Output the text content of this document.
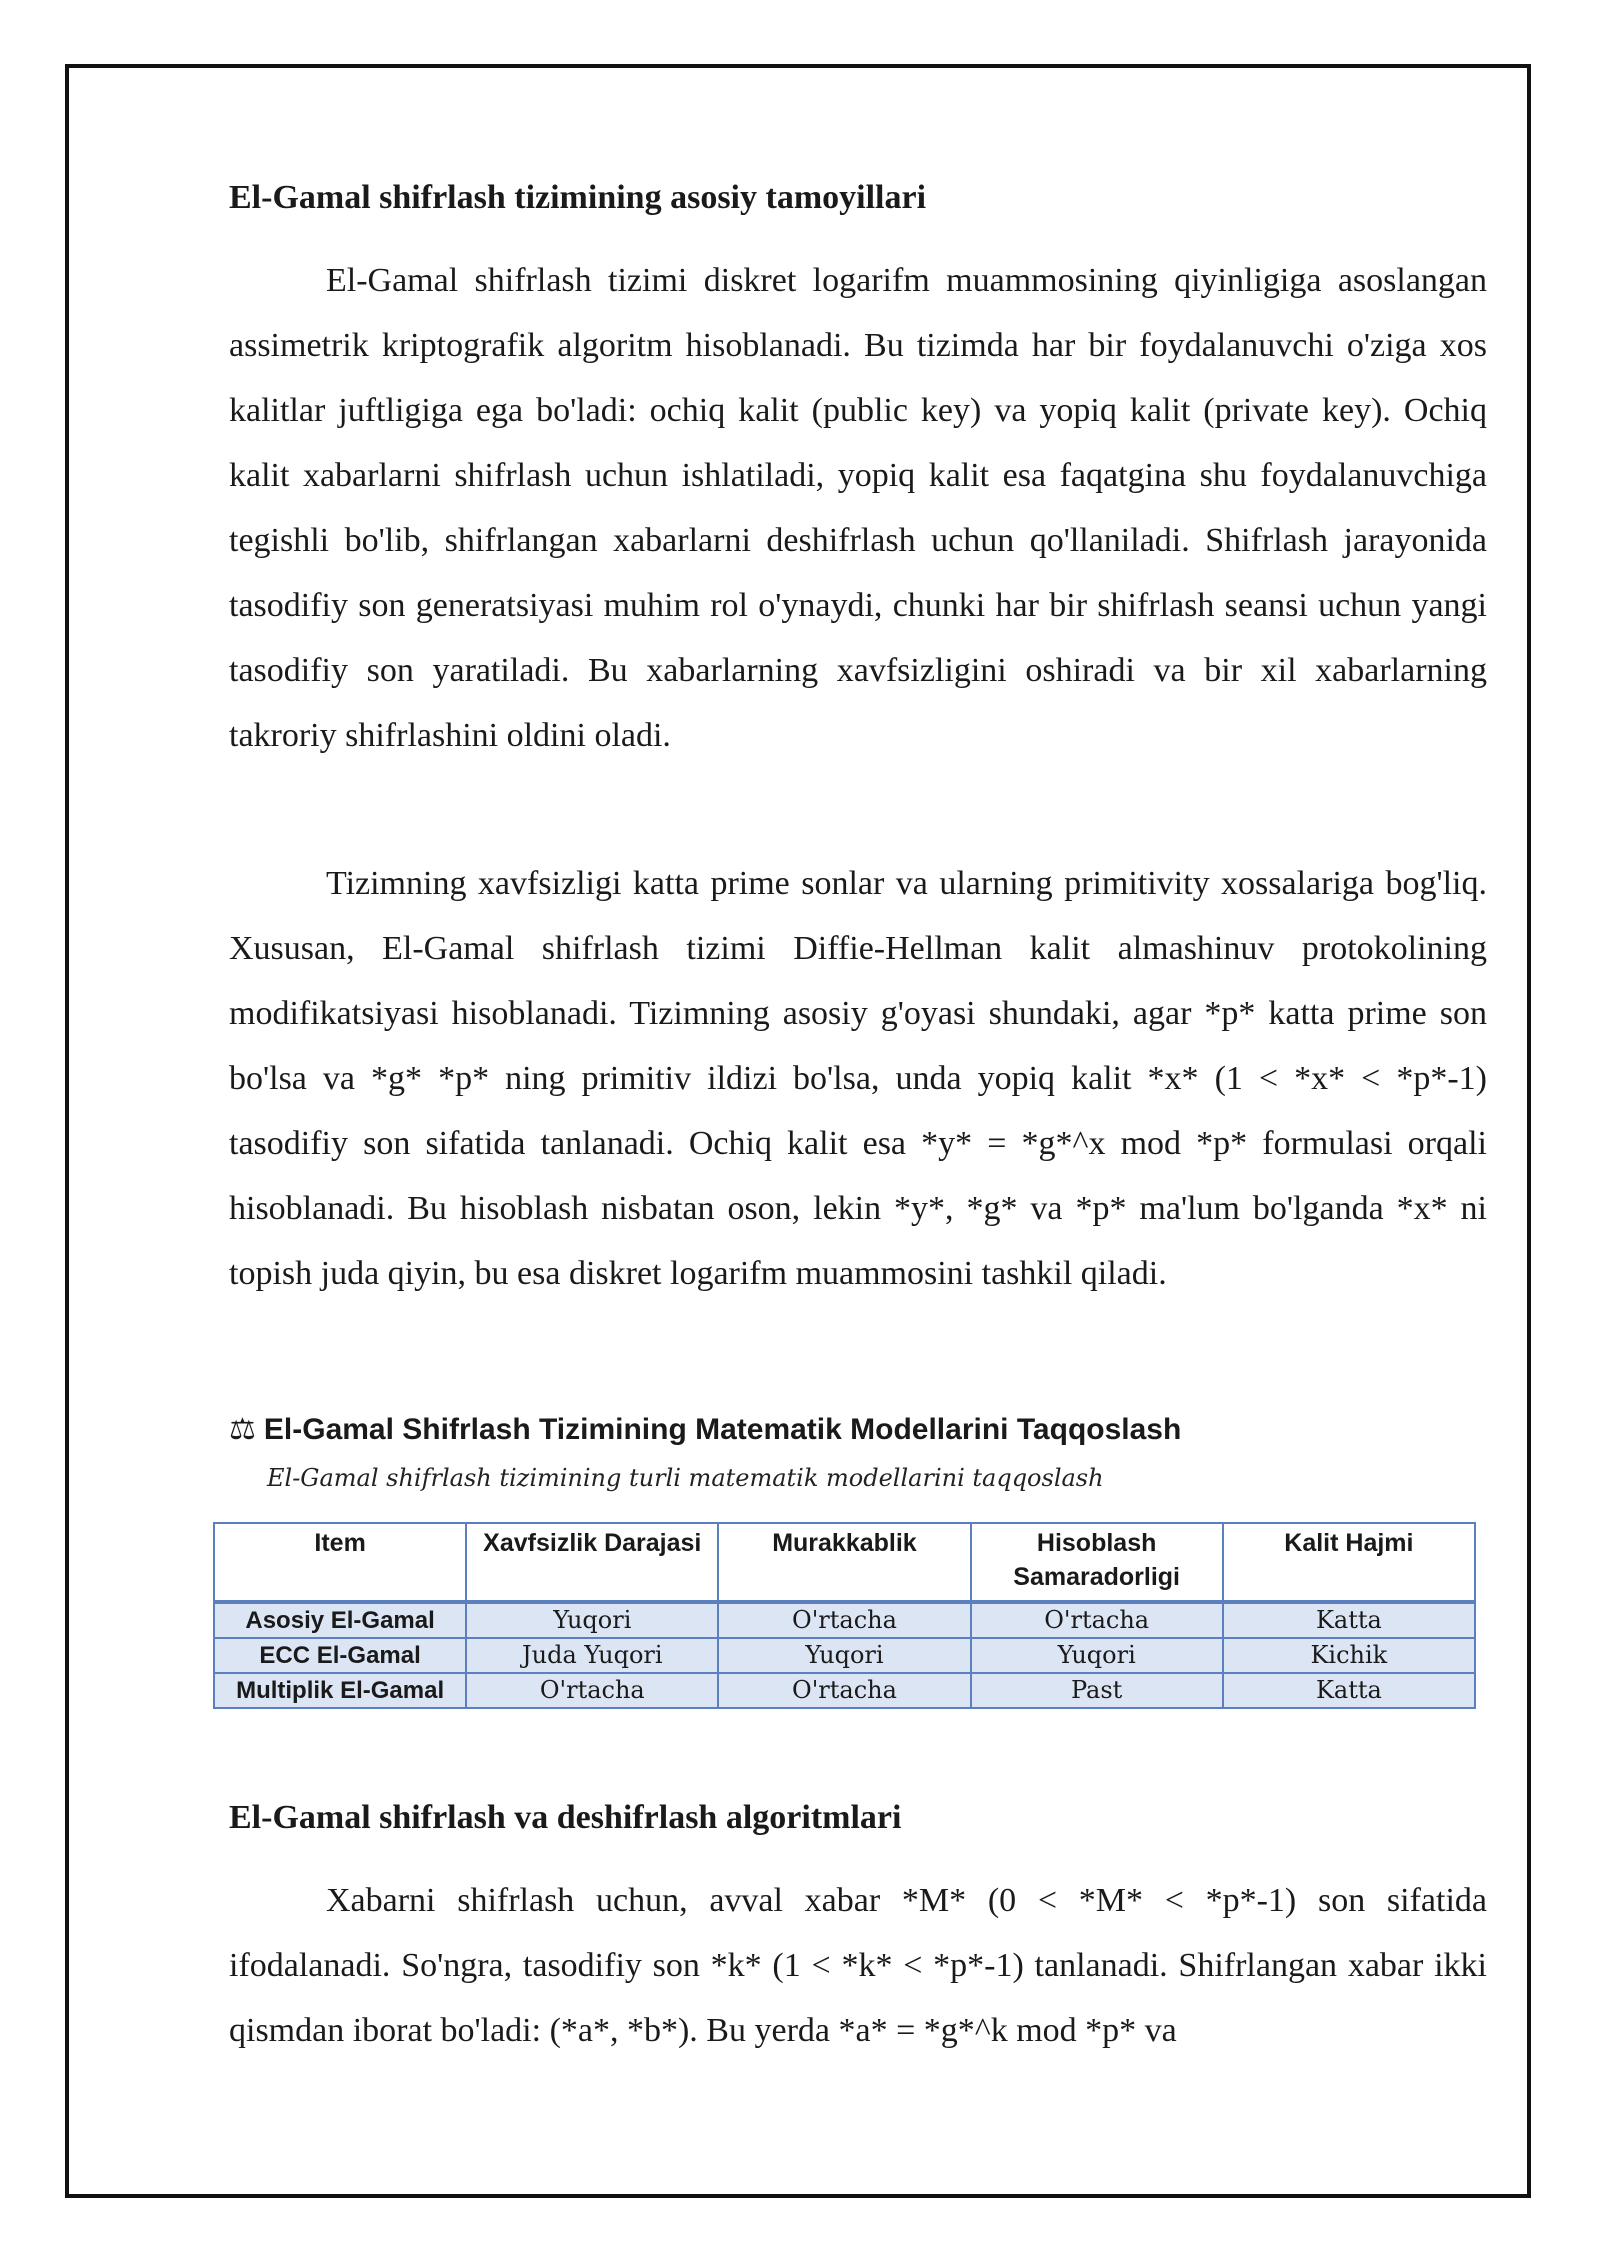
El-Gamal shifrlash tizimining asosiy tamoyillari

El-Gamal shifrlash tizimi diskret logarifm muammosining qiyinligiga asoslangan assimetrik kriptografik algoritm hisoblanadi. Bu tizimda har bir foydalanuvchi o'ziga xos kalitlar juftligiga ega bo'ladi: ochiq kalit (public key) va yopiq kalit (private key). Ochiq kalit xabarlarni shifrlash uchun ishlatiladi, yopiq kalit esa faqatgina shu foydalanuvchiga tegishli bo'lib, shifrlangan xabarlarni deshifrlash uchun qo'llaniladi. Shifrlash jarayonida tasodifiy son generatsiyasi muhim rol o'ynaydi, chunki har bir shifrlash seansi uchun yangi tasodifiy son yaratiladi. Bu xabarlarning xavfsizligini oshiradi va bir xil xabarlarning takroriy shifrlashini oldini oladi.

Tizimning xavfsizligi katta prime sonlar va ularning primitivity xossalariga bog'liq. Xususan, El-Gamal shifrlash tizimi Diffie-Hellman kalit almashinuv protokolining modifikatsiyasi hisoblanadi. Tizimning asosiy g'oyasi shundaki, agar *p* katta prime son bo'lsa va *g* *p* ning primitiv ildizi bo'lsa, unda yopiq kalit *x* (1 < *x* < *p*-1) tasodifiy son sifatida tanlanadi. Ochiq kalit esa *y* = *g*^x mod *p* formulasi orqali hisoblanadi. Bu hisoblash nisbatan oson, lekin *y*, *g* va *p* ma'lum bo'lganda *x* ni topish juda qiyin, bu esa diskret logarifm muammosini tashkil qiladi.

⚖ El-Gamal Shifrlash Tizimining Matematik Modellarini Taqqoslash
El-Gamal shifrlash tizimining turli matematik modellarini taqqoslash
Item	Xavfsizlik Darajasi	Murakkablik	Hisoblash Samaradorligi	Kalit Hajmi
Asosiy El-Gamal	Yuqori	O'rtacha	O'rtacha	Katta
ECC El-Gamal	Juda Yuqori	Yuqori	Yuqori	Kichik
Multiplik El-Gamal	O'rtacha	O'rtacha	Past	Katta
El-Gamal shifrlash va deshifrlash algoritmlari

Xabarni shifrlash uchun, avval xabar *M* (0 < *M* < *p*-1) son sifatida ifodalanadi. So'ngra, tasodifiy son *k* (1 < *k* < *p*-1) tanlanadi. Shifrlangan xabar ikki qismdan iborat bo'ladi: (*a*, *b*). Bu yerda *a* = *g*^k mod *p* va
